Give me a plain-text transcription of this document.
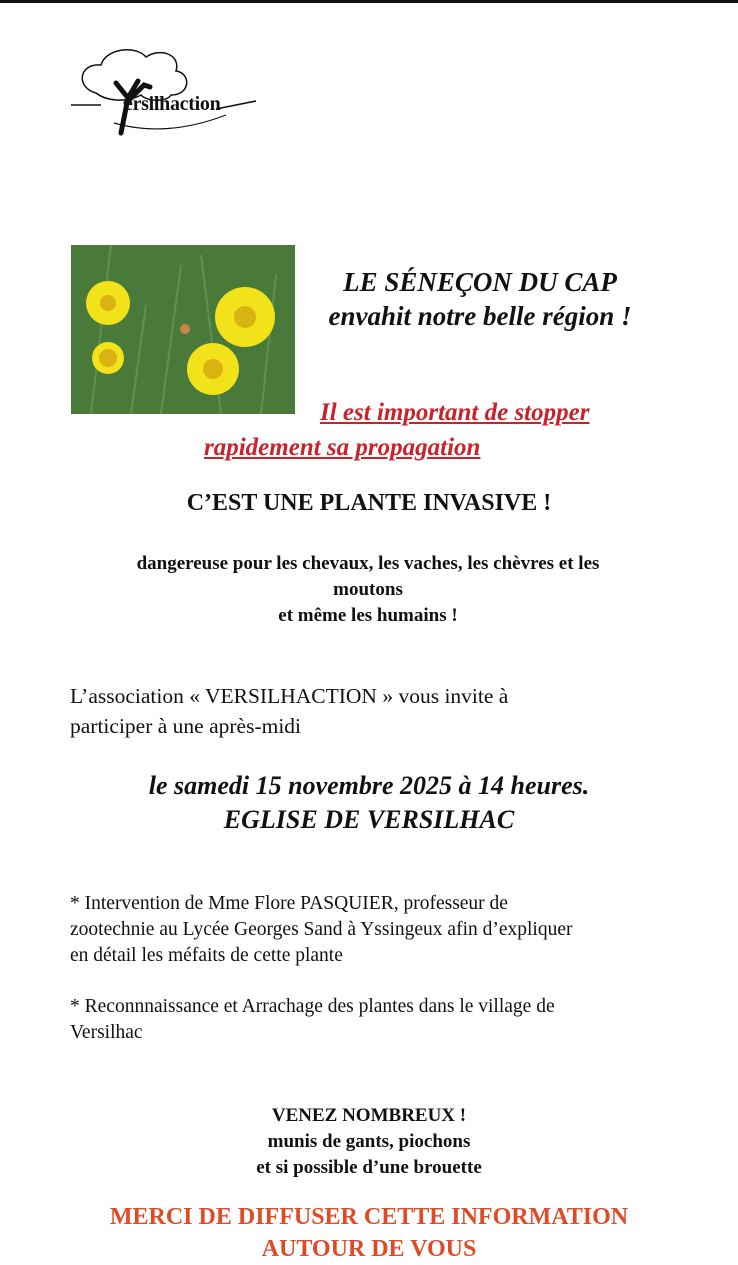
ersilhaction
LE SÉNEÇON DU CAP
envahit notre belle région !
Il est important de stopper
rapidement sa propagation
C’EST UNE PLANTE INVASIVE !
dangereuse pour les chevaux, les vaches, les chèvres et les
moutons
et même les humains !
L’association « VERSILHACTION » vous invite à
participer à une après-midi
le samedi 15 novembre 2025 à 14 heures.
EGLISE DE VERSILHAC
* Intervention de Mme Flore PASQUIER, professeur de
zootechnie au Lycée Georges Sand à Yssingeux afin d’expliquer
en détail les méfaits de cette plante
* Reconnnaissance et Arrachage des plantes dans le village de
Versilhac
VENEZ NOMBREUX !
munis de gants, piochons
et si possible d’une brouette
MERCI DE DIFFUSER CETTE INFORMATION
AUTOUR DE VOUS
